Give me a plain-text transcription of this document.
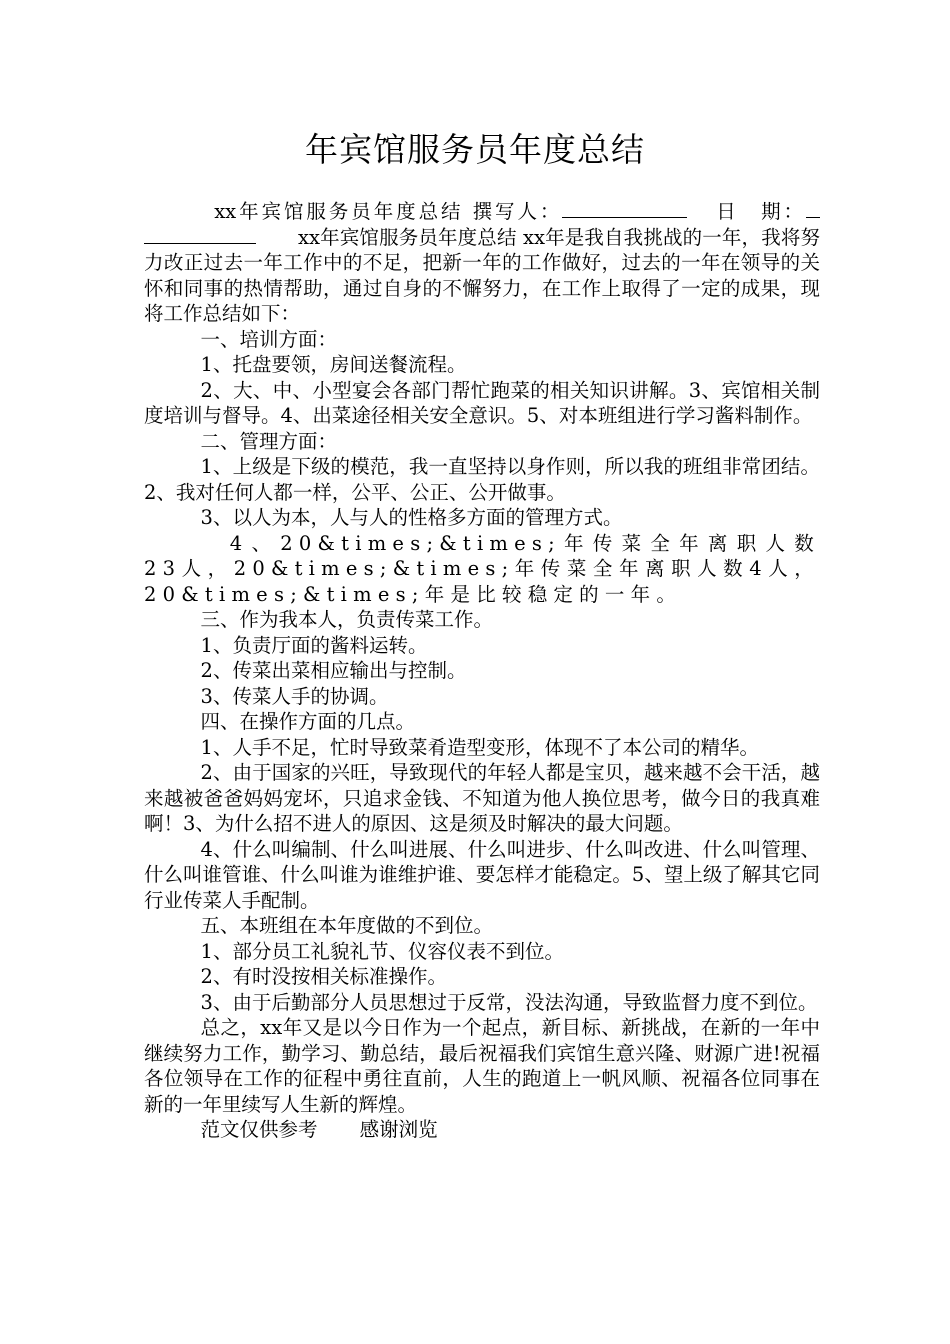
年宾馆服务员年度总结

xx年宾馆服务员年度总结 撰写人：	日　期：xx年宾馆服务员年度总结 xx年是我自我挑战的一年，我将努力改正过去一年工作中的不足，把新一年的工作做好，过去的一年在领导的关怀和同事的热情帮助，通过自身的不懈努力，在工作上取得了一定的成果，现将工作总结如下：

一、培训方面：

1、托盘要领，房间送餐流程。

2、大、中、小型宴会各部门帮忙跑菜的相关知识讲解。3、宾馆相关制度培训与督导。4、出菜途径相关安全意识。5、对本班组进行学习酱料制作。

二、管理方面：

1、上级是下级的模范，我一直坚持以身作则，所以我的班组非常团结。2、我对任何人都一样，公平、公正、公开做事。

3、以人为本，人与人的性格多方面的管理方式。

4、20&times;&times;年传菜全年离职人数23人，20&times;&times;年传菜全年离职人数4人，20&times;&times;年是比较稳定的一年。

三、作为我本人，负责传菜工作。

1、负责厅面的酱料运转。

2、传菜出菜相应输出与控制。

3、传菜人手的协调。

四、在操作方面的几点。

1、人手不足，忙时导致菜肴造型变形，体现不了本公司的精华。

2、由于国家的兴旺，导致现代的年轻人都是宝贝，越来越不会干活，越来越被爸爸妈妈宠坏，只追求金钱、不知道为他人换位思考，做今日的我真难啊！3、为什么招不进人的原因、这是须及时解决的最大问题。

4、什么叫编制、什么叫进展、什么叫进步、什么叫改进、什么叫管理、什么叫谁管谁、什么叫谁为谁维护谁、要怎样才能稳定。5、望上级了解其它同行业传菜人手配制。

五、本班组在本年度做的不到位。

1、部分员工礼貌礼节、仪容仪表不到位。

2、有时没按相关标准操作。

3、由于后勤部分人员思想过于反常，没法沟通，导致监督力度不到位。

总之，xx年又是以今日作为一个起点，新目标、新挑战，在新的一年中继续努力工作，勤学习、勤总结，最后祝福我们宾馆生意兴隆、财源广进!祝福各位领导在工作的征程中勇往直前，人生的跑道上一帆风顺、祝福各位同事在新的一年里续写人生新的辉煌。

范文仅供参考 感谢浏览
